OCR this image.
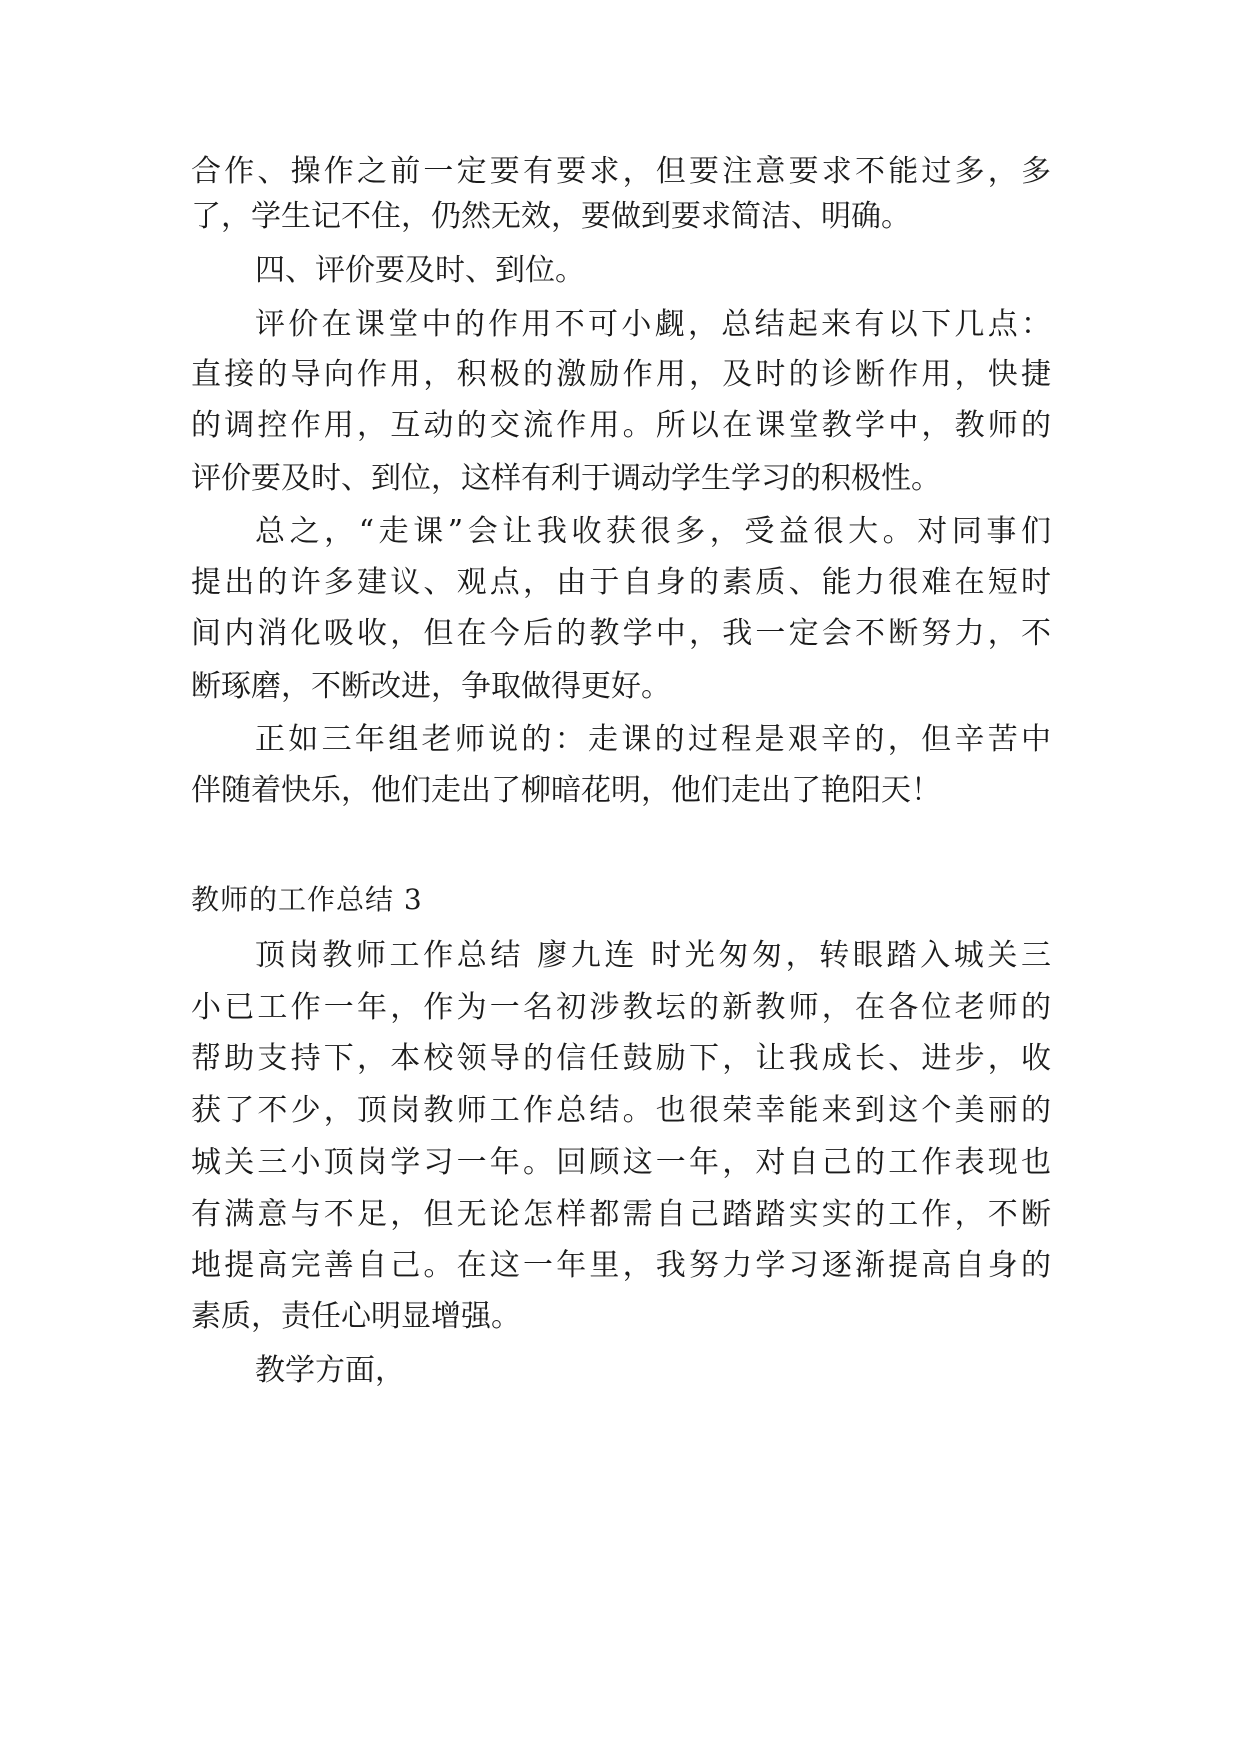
合作、操作之前一定要有要求，但要注意要求不能过多，多
了，学生记不住，仍然无效，要做到要求简洁、明确。
四、评价要及时、到位。
评价在课堂中的作用不可小觑，总结起来有以下几点：
直接的导向作用，积极的激励作用，及时的诊断作用，快捷
的调控作用，互动的交流作用。所以在课堂教学中，教师的
评价要及时、到位，这样有利于调动学生学习的积极性。
总之，“走课”会让我收获很多，受益很大。对同事们
提出的许多建议、观点，由于自身的素质、能力很难在短时
间内消化吸收，但在今后的教学中，我一定会不断努力，不
断琢磨，不断改进，争取做得更好。
正如三年组老师说的：走课的过程是艰辛的，但辛苦中
伴随着快乐，他们走出了柳暗花明，他们走出了艳阳天！
教师的工作总结 3
顶岗教师工作总结 廖九连 时光匆匆，转眼踏入城关三
小已工作一年，作为一名初涉教坛的新教师，在各位老师的
帮助支持下，本校领导的信任鼓励下，让我成长、进步，收
获了不少，顶岗教师工作总结。也很荣幸能来到这个美丽的
城关三小顶岗学习一年。回顾这一年，对自己的工作表现也
有满意与不足，但无论怎样都需自己踏踏实实的工作，不断
地提高完善自己。在这一年里，我努力学习逐渐提高自身的
素质，责任心明显增强。
教学方面，
